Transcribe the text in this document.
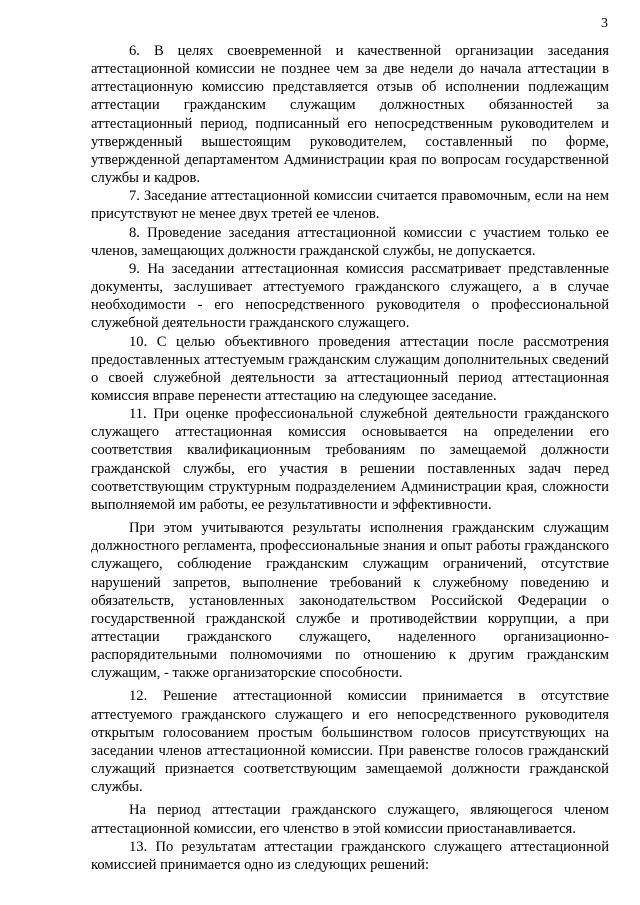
3

6. В целях своевременной и качественной организации заседания аттестационной комиссии не позднее чем за две недели до начала аттестации в аттестационную комиссию представляется отзыв об исполнении подлежащим аттестации гражданским служащим должностных обязанностей за аттестационный период, подписанный его непосредственным руководителем и утвержденный вышестоящим руководителем, составленный по форме, утвержденной департаментом Администрации края по вопросам государственной службы и кадров.

7. Заседание аттестационной комиссии считается правомочным, если на нем присутствуют не менее двух третей ее членов.

8. Проведение заседания аттестационной комиссии с участием только ее членов, замещающих должности гражданской службы, не допускается.

9. На заседании аттестационная комиссия рассматривает представленные документы, заслушивает аттестуемого гражданского служащего, а в случае необходимости - его непосредственного руководителя о профессиональной служебной деятельности гражданского служащего.

10. С целью объективного проведения аттестации после рассмотрения предоставленных аттестуемым гражданским служащим дополнительных сведений о своей служебной деятельности за аттестационный период аттестационная комиссия вправе перенести аттестацию на следующее заседание.

11. При оценке профессиональной служебной деятельности гражданского служащего аттестационная комиссия основывается на определении его соответствия квалификационным требованиям по замещаемой должности гражданской службы, его участия в решении поставленных задач перед соответствующим структурным подразделением Администрации края, сложности выполняемой им работы, ее результативности и эффективности.

При этом учитываются результаты исполнения гражданским служащим должностного регламента, профессиональные знания и опыт работы гражданского служащего, соблюдение гражданским служащим ограничений, отсутствие нарушений запретов, выполнение требований к служебному поведению и обязательств, установленных законодательством Российской Федерации о государственной гражданской службе и противодействии коррупции, а при аттестации гражданского служащего, наделенного организационно-распорядительными полномочиями по отношению к другим гражданским служащим, - также организаторские способности.

12. Решение аттестационной комиссии принимается в отсутствие аттестуемого гражданского служащего и его непосредственного руководителя открытым голосованием простым большинством голосов присутствующих на заседании членов аттестационной комиссии. При равенстве голосов гражданский служащий признается соответствующим замещаемой должности гражданской службы.

На период аттестации гражданского служащего, являющегося членом аттестационной комиссии, его членство в этой комиссии приостанавливается.

13. По результатам аттестации гражданского служащего аттестационной комиссией принимается одно из следующих решений:
